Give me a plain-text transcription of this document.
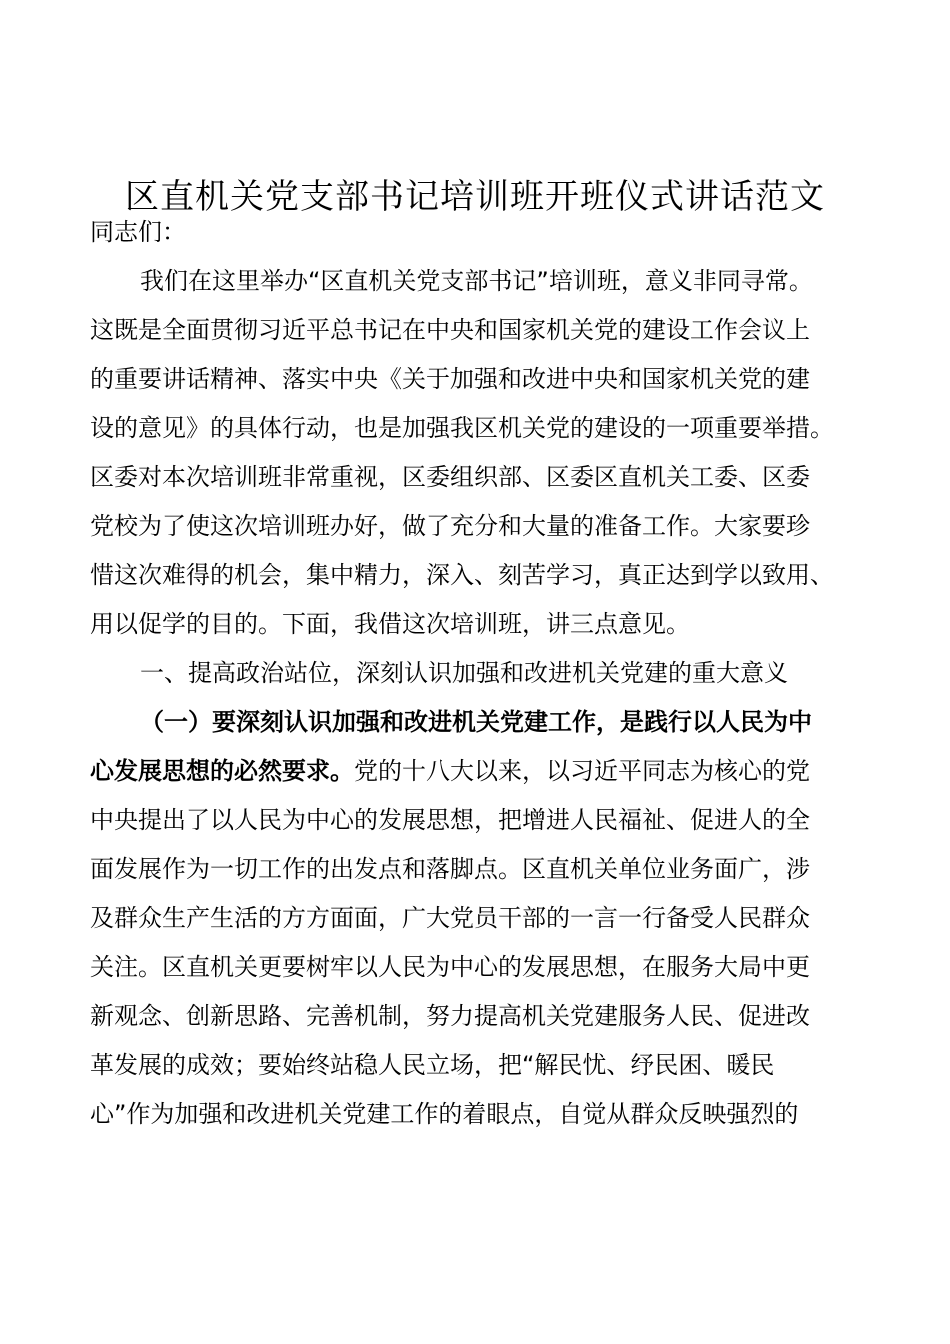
区直机关党支部书记培训班开班仪式讲话范文
同志们：
我们在这里举办“区直机关党支部书记”培训班，意义非同寻常。
这既是全面贯彻习近平总书记在中央和国家机关党的建设工作会议上
的重要讲话精神、落实中央《关于加强和改进中央和国家机关党的建
设的意见》的具体行动，也是加强我区机关党的建设的一项重要举措。
区委对本次培训班非常重视，区委组织部、区委区直机关工委、区委
党校为了使这次培训班办好，做了充分和大量的准备工作。大家要珍
惜这次难得的机会，集中精力，深入、刻苦学习，真正达到学以致用、
用以促学的目的。下面，我借这次培训班，讲三点意见。
一、提高政治站位，深刻认识加强和改进机关党建的重大意义
（一）要深刻认识加强和改进机关党建工作，是践行以人民为中
心发展思想的必然要求。党的十八大以来，以习近平同志为核心的党
中央提出了以人民为中心的发展思想，把增进人民福祉、促进人的全
面发展作为一切工作的出发点和落脚点。区直机关单位业务面广，涉
及群众生产生活的方方面面，广大党员干部的一言一行备受人民群众
关注。区直机关更要树牢以人民为中心的发展思想，在服务大局中更
新观念、创新思路、完善机制，努力提高机关党建服务人民、促进改
革发展的成效；要始终站稳人民立场，把“解民忧、纾民困、暖民
心”作为加强和改进机关党建工作的着眼点，自觉从群众反映强烈的
